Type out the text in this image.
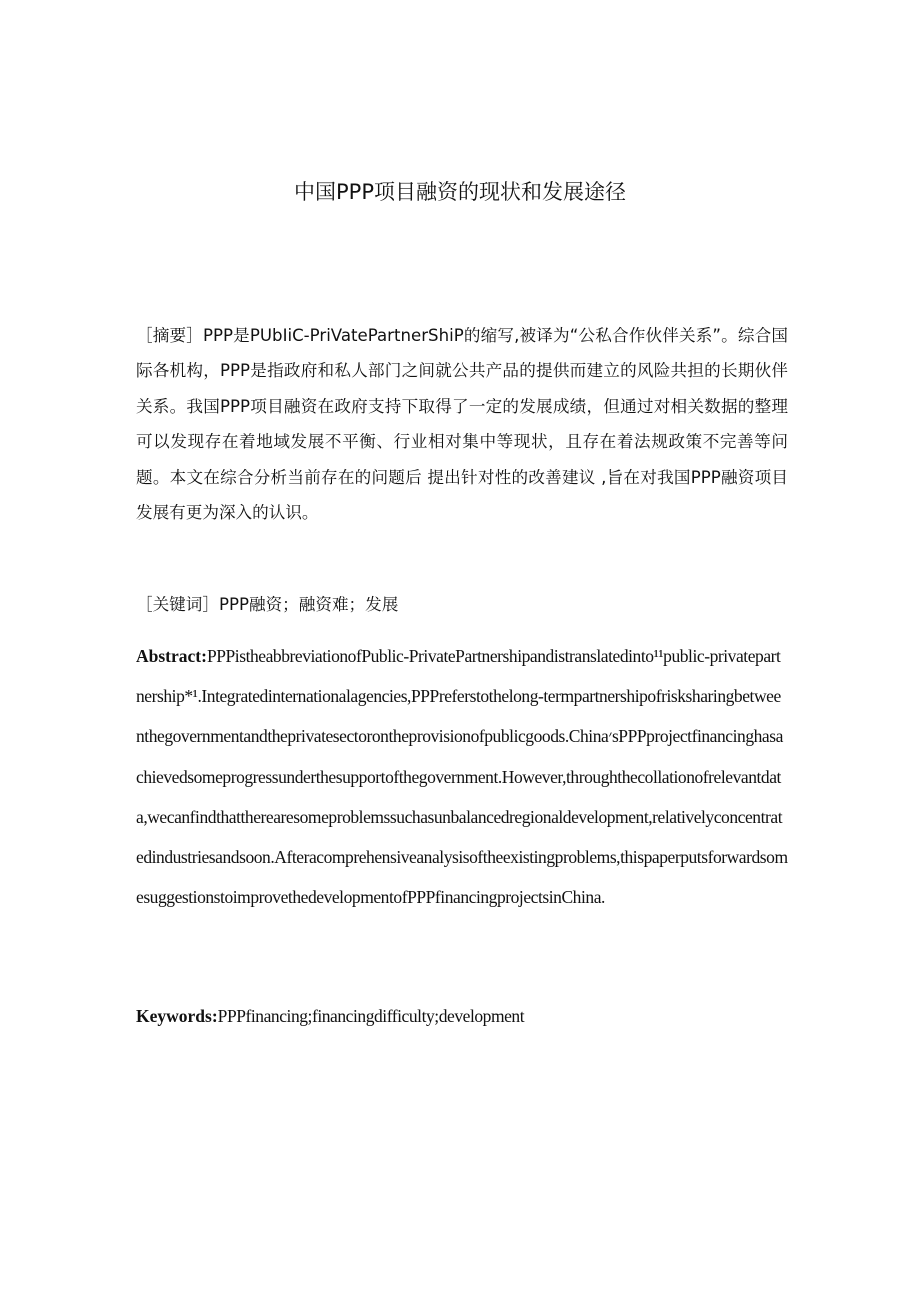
中国PPP项目融资的现状和发展途径

［摘要］PPP是PUbIiC-PriVatePartnerShiP的缩写,被译为“公私合作伙伴关系”。综合国际各机构，PPP是指政府和私人部门之间就公共产品的提供而建立的风险共担的长期伙伴关系。我国PPP项目融资在政府支持下取得了一定的发展成绩，但通过对相关数据的整理可以发现存在着地域发展不平衡、行业相对集中等现状，且存在着法规政策不完善等问题。本文在综合分析当前存在的问题后 提出针对性的改善建议 ,旨在对我国PPP融资项目发展有更为深入的认识。

［关键词］PPP融资；融资难；发展

Abstract:PPPistheabbreviationofPublic-PrivatePartnershipandistranslatedinto¹¹public-privatepartnership*¹.Integratedinternationalagencies,PPPreferstothelong-termpartnershipofrisksharingbetweenthegovernmentandtheprivatesectorontheprovisionofpublicgoods.China׳sPPPprojectfinancinghasachievedsomeprogressunderthesupportofthegovernment.However,throughthecollationofrelevantdata,wecanfindthattherearesomeproblemssuchasunbalancedregionaldevelopment,relativelyconcentratedindustriesandsoon.Afteracomprehensiveanalysisoftheexistingproblems,thispaperputsforwardsomesuggestionstoimprovethedevelopmentofPPPfinancingprojectsinChina.

Keywords:PPPfinancing;financingdifficulty;development
